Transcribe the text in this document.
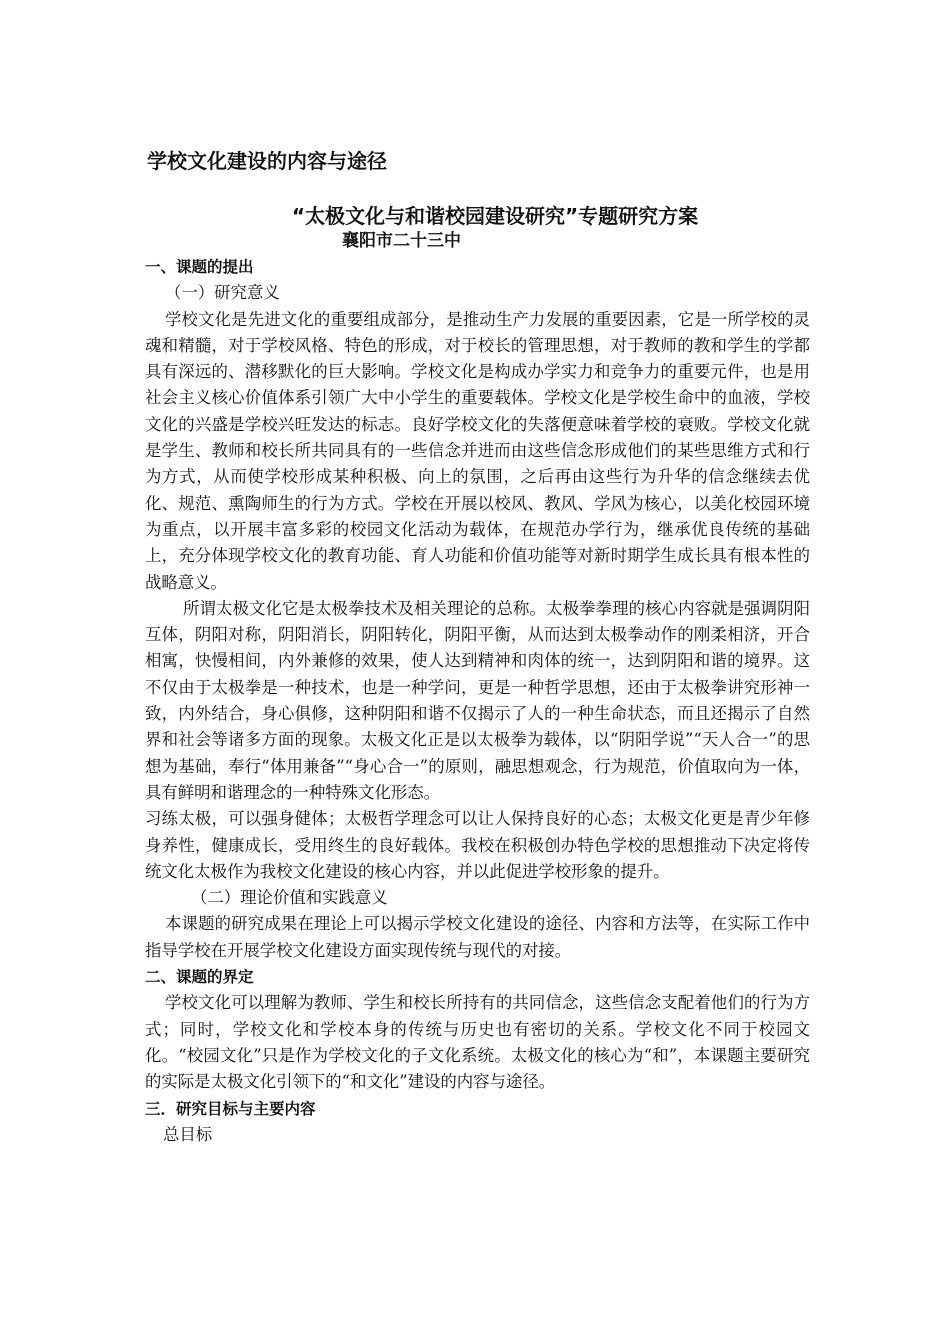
学校文化建设的内容与途径
“太极文化与和谐校园建设研究”专题研究方案
襄阳市二十三中

一、课题的提出

（一）研究意义

学校文化是先进文化的重要组成部分，是推动生产力发展的重要因素，它是一所学校的灵魂和精髓，对于学校风格、特色的形成，对于校长的管理思想，对于教师的教和学生的学都具有深远的、潜移默化的巨大影响。学校文化是构成办学实力和竞争力的重要元件，也是用社会主义核心价值体系引领广大中小学生的重要载体。学校文化是学校生命中的血液，学校文化的兴盛是学校兴旺发达的标志。良好学校文化的失落便意味着学校的衰败。学校文化就是学生、教师和校长所共同具有的一些信念并进而由这些信念形成他们的某些思维方式和行为方式，从而使学校形成某种积极、向上的氛围，之后再由这些行为升华的信念继续去优化、规范、熏陶师生的行为方式。学校在开展以校风、教风、学风为核心，以美化校园环境为重点，以开展丰富多彩的校园文化活动为载体，在规范办学行为，继承优良传统的基础上，充分体现学校文化的教育功能、育人功能和价值功能等对新时期学生成长具有根本性的战略意义。

所谓太极文化它是太极拳技术及相关理论的总称。太极拳拳理的核心内容就是强调阴阳互体，阴阳对称，阴阳消长，阴阳转化，阴阳平衡，从而达到太极拳动作的刚柔相济，开合相寓，快慢相间，内外兼修的效果，使人达到精神和肉体的统一，达到阴阳和谐的境界。这不仅由于太极拳是一种技术，也是一种学问，更是一种哲学思想，还由于太极拳讲究形神一致，内外结合，身心俱修，这种阴阳和谐不仅揭示了人的一种生命状态，而且还揭示了自然界和社会等诸多方面的现象。太极文化正是以太极拳为载体，以“阴阳学说”“天人合一”的思想为基础，奉行“体用兼备”“身心合一”的原则，融思想观念，行为规范，价值取向为一体，具有鲜明和谐理念的一种特殊文化形态。

习练太极，可以强身健体；太极哲学理念可以让人保持良好的心态；太极文化更是青少年修身养性，健康成长，受用终生的良好载体。我校在积极创办特色学校的思想推动下决定将传统文化太极作为我校文化建设的核心内容，并以此促进学校形象的提升。

（二）理论价值和实践意义

本课题的研究成果在理论上可以揭示学校文化建设的途径、内容和方法等，在实际工作中指导学校在开展学校文化建设方面实现传统与现代的对接。

二、课题的界定

学校文化可以理解为教师、学生和校长所持有的共同信念，这些信念支配着他们的行为方式；同时，学校文化和学校本身的传统与历史也有密切的关系。学校文化不同于校园文化。“校园文化”只是作为学校文化的子文化系统。太极文化的核心为“和”，本课题主要研究的实际是太极文化引领下的“和文化”建设的内容与途径。

三．研究目标与主要内容

总目标
